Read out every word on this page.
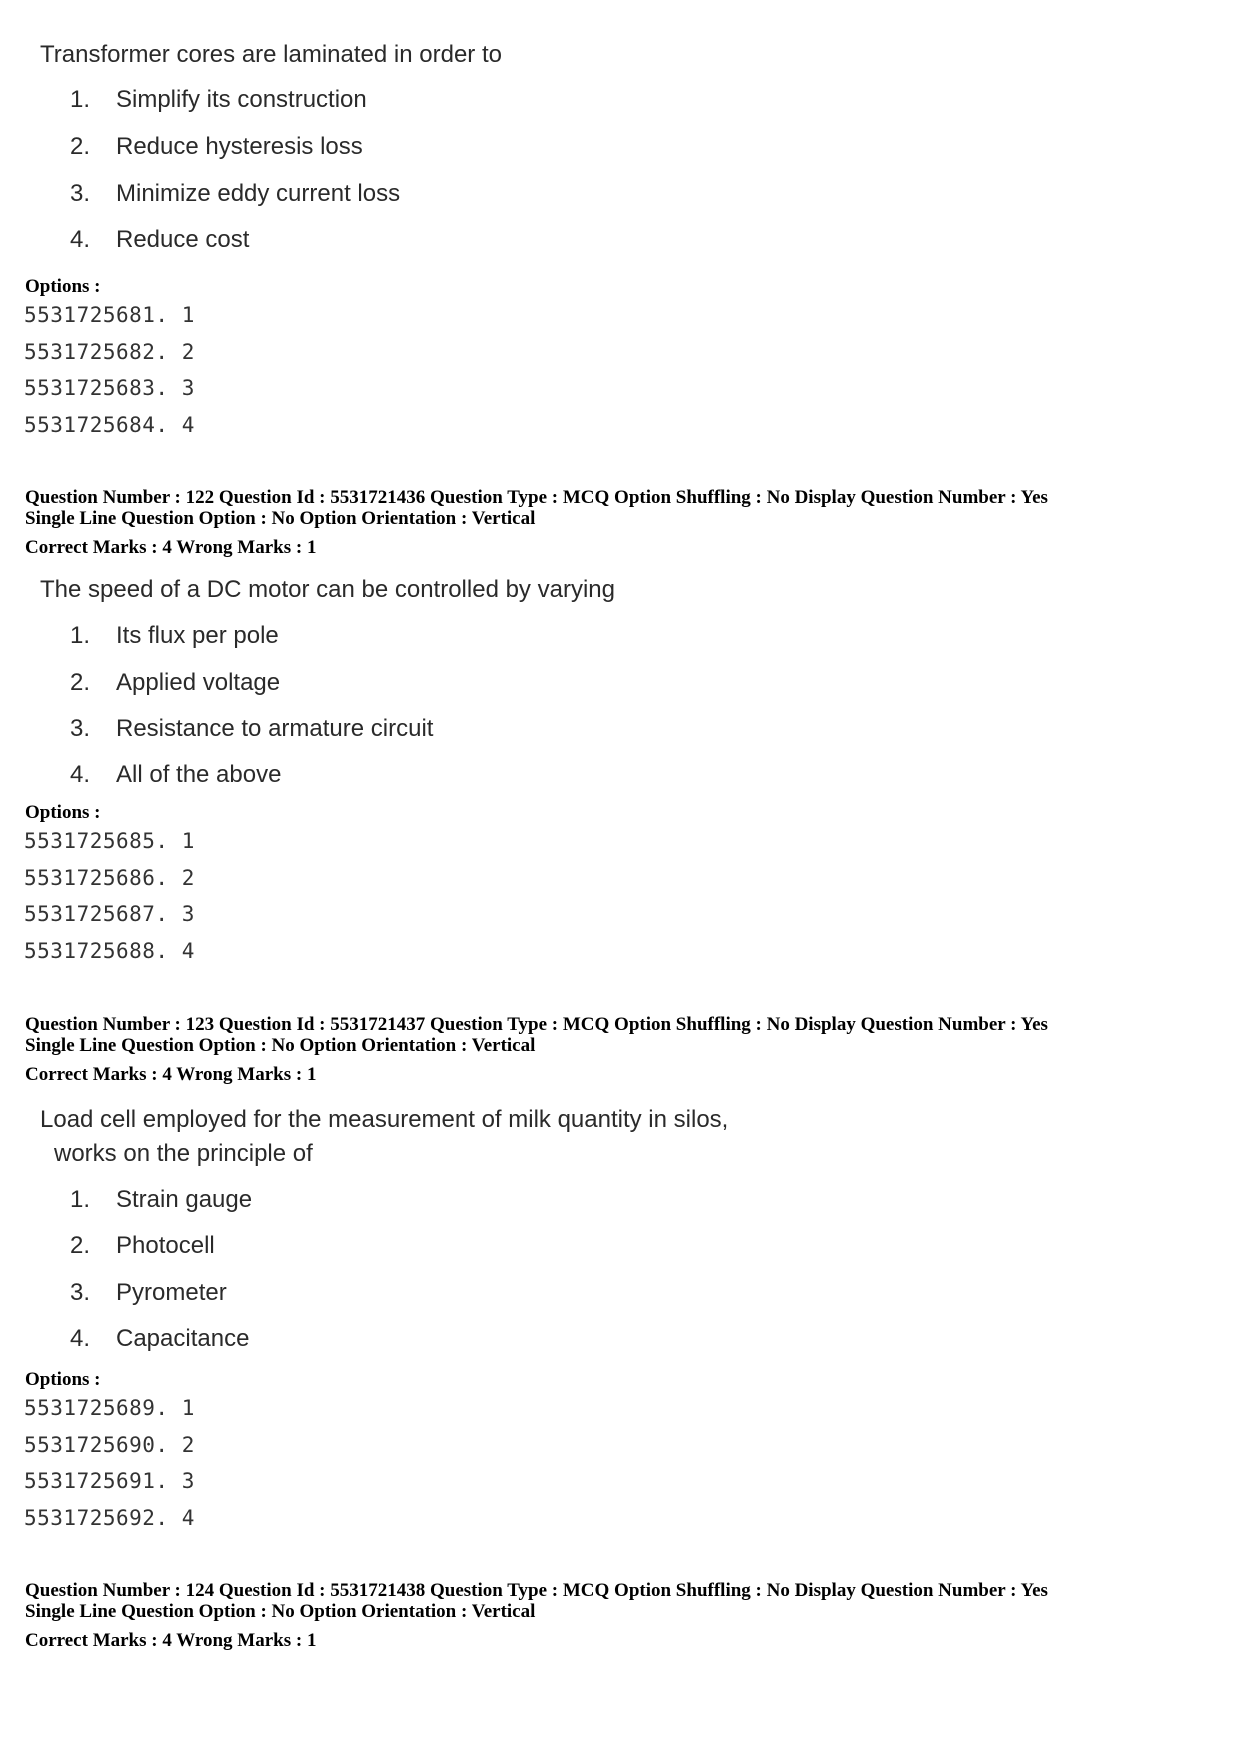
Transformer cores are laminated in order to
1. Simplify its construction
2. Reduce hysteresis loss
3. Minimize eddy current loss
4. Reduce cost
Options :
5531725681. 1
5531725682. 2
5531725683. 3
5531725684. 4
Question Number : 122 Question Id : 5531721436 Question Type : MCQ Option Shuffling : No Display Question Number : Yes
Single Line Question Option : No Option Orientation : Vertical
Correct Marks : 4 Wrong Marks : 1
The speed of a DC motor can be controlled by varying
1. Its flux per pole
2. Applied voltage
3. Resistance to armature circuit
4. All of the above
Options :
5531725685. 1
5531725686. 2
5531725687. 3
5531725688. 4
Question Number : 123 Question Id : 5531721437 Question Type : MCQ Option Shuffling : No Display Question Number : Yes
Single Line Question Option : No Option Orientation : Vertical
Correct Marks : 4 Wrong Marks : 1
Load cell employed for the measurement of milk quantity in silos,
works on the principle of
1. Strain gauge
2. Photocell
3. Pyrometer
4. Capacitance
Options :
5531725689. 1
5531725690. 2
5531725691. 3
5531725692. 4
Question Number : 124 Question Id : 5531721438 Question Type : MCQ Option Shuffling : No Display Question Number : Yes
Single Line Question Option : No Option Orientation : Vertical
Correct Marks : 4 Wrong Marks : 1
